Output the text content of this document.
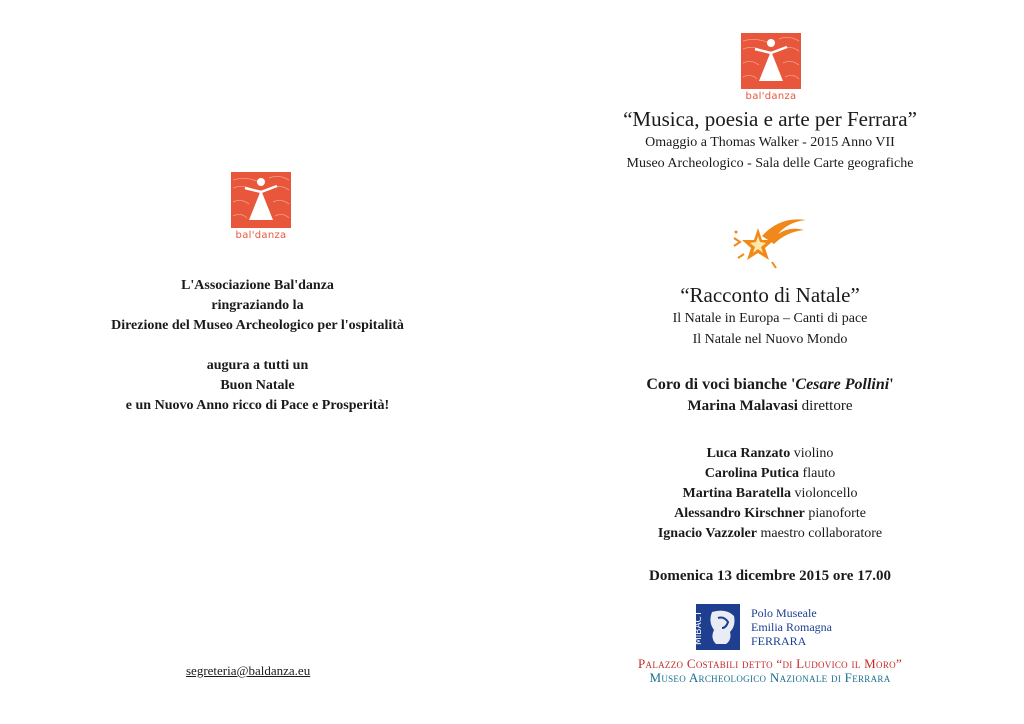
bal'danza
L'Associazione Bal'danza
ringraziando la
Direzione del Museo Archeologico per l'ospitalità
augura a tutti un
Buon Natale
e un Nuovo Anno ricco di Pace e Prosperità!
segreteria@baldanza.eu
bal'danza
“Musica, poesia e arte per Ferrara”
Omaggio a Thomas Walker - 2015 Anno VII
Museo Archeologico - Sala delle Carte geografiche
“Racconto di Natale”
Il Natale in Europa – Canti di pace
Il Natale nel Nuovo Mondo
Coro di voci bianche 'Cesare Pollini'
Marina Malavasi direttore
Luca Ranzato violino
Carolina Putica flauto
Martina Baratella violoncello
Alessandro Kirschner pianoforte
Ignacio Vazzoler maestro collaboratore
Domenica 13 dicembre 2015 ore 17.00
MiBACT	Polo Museale
Emilia Romagna
FERRARA
Palazzo Costabili detto “di Ludovico il Moro”
Museo Archeologico Nazionale di Ferrara
